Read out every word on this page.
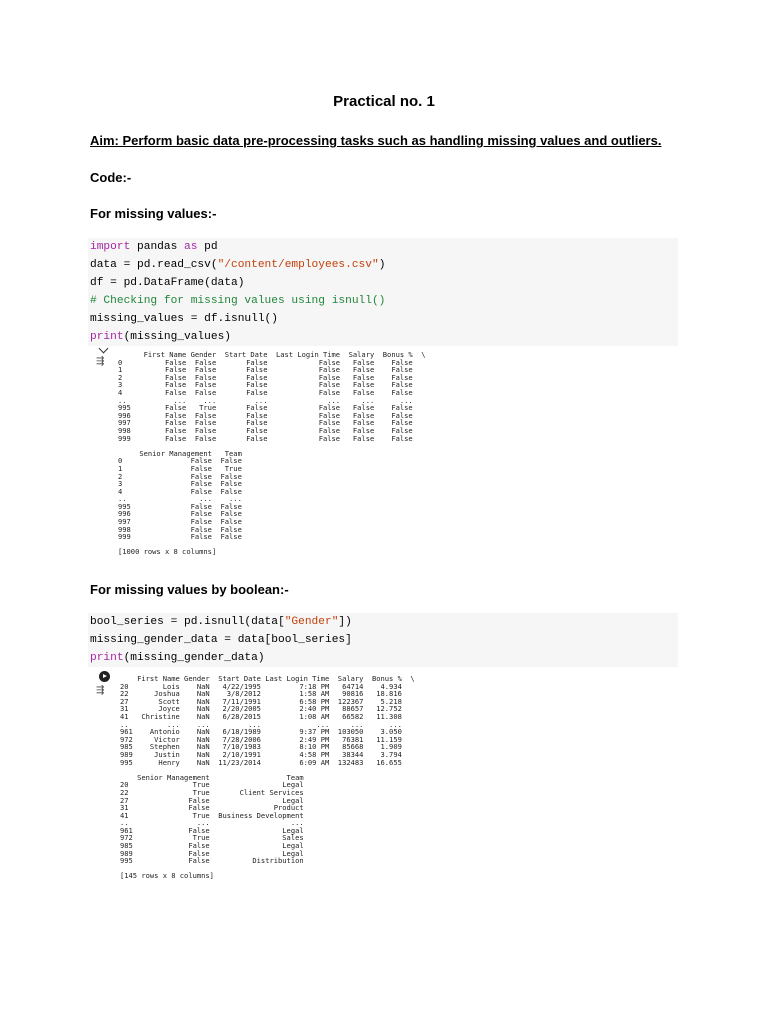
Practical no. 1
Aim: Perform basic data pre-processing tasks such as handling missing values and outliers.
Code:-
For missing values:-
import pandas as pd
data = pd.read_csv("/content/employees.csv")
df = pd.DataFrame(data)
# Checking for missing values using isnull()
missing_values = df.isnull()
print(missing_values)
⇶
First Name Gender  Start Date  Last Login Time  Salary  Bonus %  \
0          False  False       False            False   False    False
1          False  False       False            False   False    False
2          False  False       False            False   False    False
3          False  False       False            False   False    False
4          False  False       False            False   False    False
..           ...    ...         ...              ...     ...      ...
995        False   True       False            False   False    False
996        False  False       False            False   False    False
997        False  False       False            False   False    False
998        False  False       False            False   False    False
999        False  False       False            False   False    False

Senior Management   Team
0                False  False
1                False   True
2                False  False
3                False  False
4                False  False
..                 ...    ...
995              False  False
996              False  False
997              False  False
998              False  False
999              False  False

[1000 rows x 8 columns]
For missing values by boolean:-
bool_series = pd.isnull(data["Gender"])
missing_gender_data = data[bool_series]
print(missing_gender_data)
⇶
First Name Gender  Start Date Last Login Time  Salary  Bonus %  \
20        Lois    NaN   4/22/1995         7:18 PM   64714    4.934
22      Joshua    NaN    3/8/2012         1:58 AM   90816   18.816
27       Scott    NaN   7/11/1991         6:58 PM  122367    5.218
31       Joyce    NaN   2/20/2005         2:40 PM   88657   12.752
41   Christine    NaN   6/28/2015         1:08 AM   66582   11.308
..         ...    ...         ...             ...     ...      ...
961    Antonio    NaN   6/18/1989         9:37 PM  103050    3.050
972     Victor    NaN   7/28/2006         2:49 PM   76381   11.159
985    Stephen    NaN   7/10/1983         8:10 PM   85668    1.909
989     Justin    NaN   2/10/1991         4:58 PM   38344    3.794
995      Henry    NaN  11/23/2014         6:09 AM  132483   16.655

Senior Management                  Team
20               True                 Legal
22               True       Client Services
27              False                 Legal
31              False               Product
41               True  Business Development
..                ...                   ...
961             False                 Legal
972              True                 Sales
985             False                 Legal
989             False                 Legal
995             False          Distribution

[145 rows x 8 columns]
